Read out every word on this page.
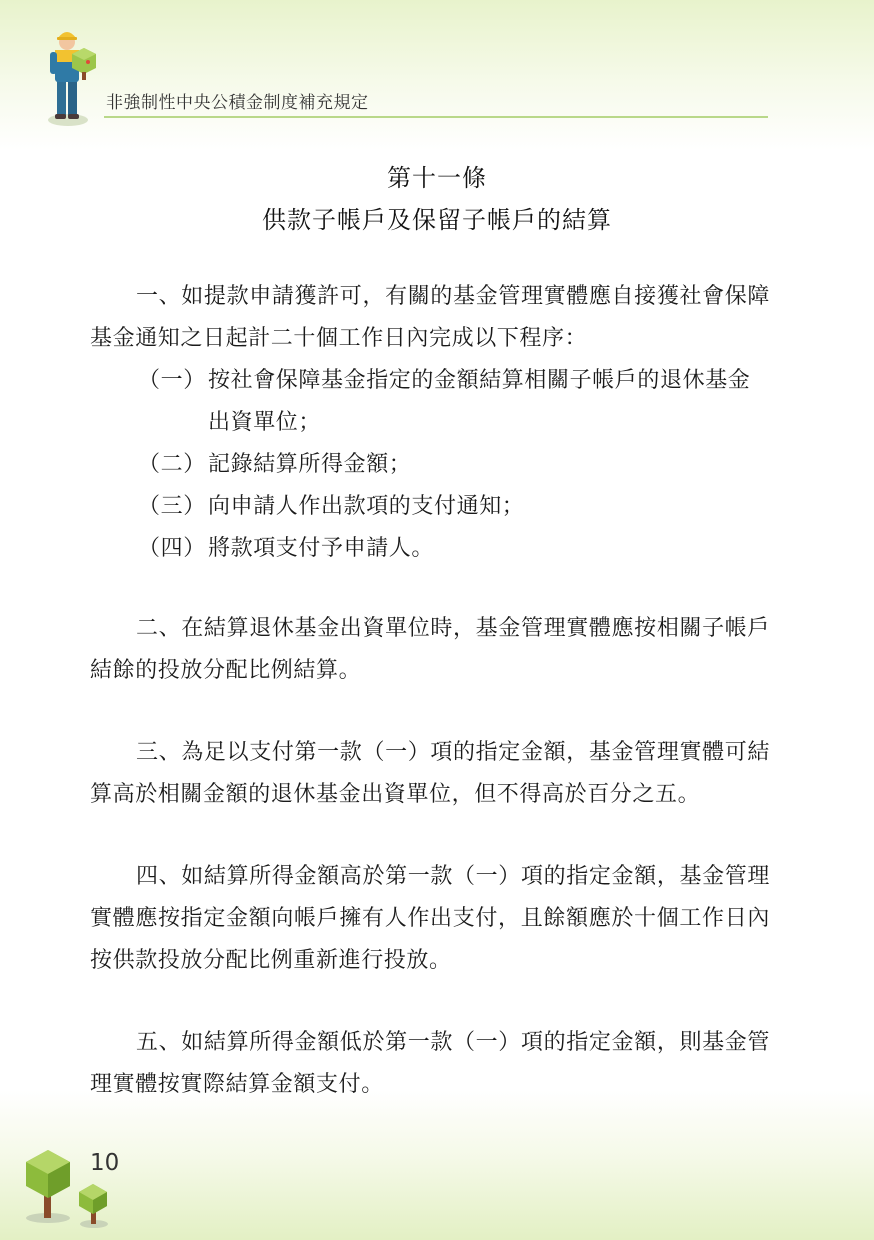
非強制性中央公積金制度補充規定
第十一條
供款子帳戶及保留子帳戶的結算

一、如提款申請獲許可，有關的基金管理實體應自接獲社會保障基金通知之日起計二十個工作日內完成以下程序：

（一）按社會保障基金指定的金額結算相關子帳戶的退休基金
出資單位；
（二）記錄結算所得金額；
（三）向申請人作出款項的支付通知；
（四）將款項支付予申請人。

二、在結算退休基金出資單位時，基金管理實體應按相關子帳戶結餘的投放分配比例結算。

三、為足以支付第一款（一）項的指定金額，基金管理實體可結算高於相關金額的退休基金出資單位，但不得高於百分之五。

四、如結算所得金額高於第一款（一）項的指定金額，基金管理實體應按指定金額向帳戶擁有人作出支付，且餘額應於十個工作日內按供款投放分配比例重新進行投放。

五、如結算所得金額低於第一款（一）項的指定金額，則基金管理實體按實際結算金額支付。

10
